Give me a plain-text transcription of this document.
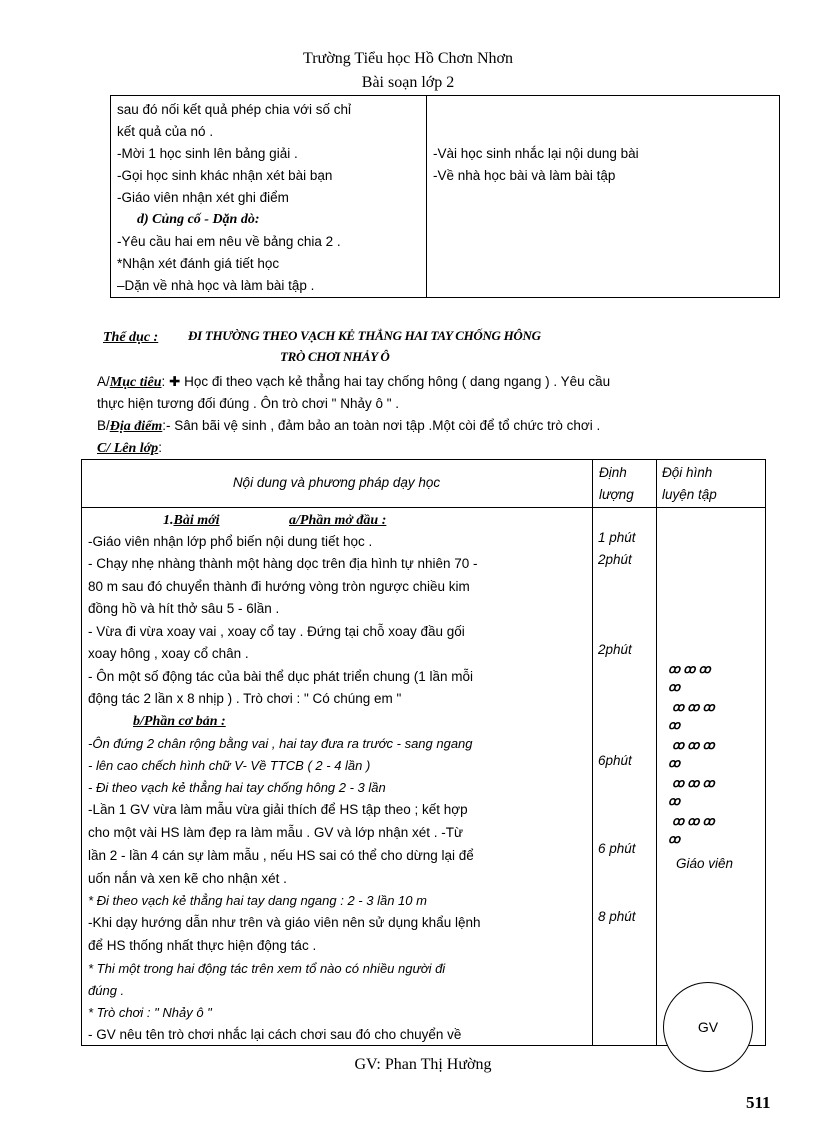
Trường Tiểu học Hồ Chơn Nhơn
Bài soạn lớp 2
sau đó nối kết quả phép chia với số chỉ
kết quả của nó .
-Mời 1 học sinh lên bảng giải .
-Gọi học sinh khác nhận xét bài bạn
-Giáo viên nhận xét ghi điểm
d) Củng cố - Dặn dò:
-Yêu cầu hai em nêu về bảng chia 2 .
*Nhận xét đánh giá tiết học
–Dặn về nhà học và làm bài tập .
-Vài học sinh nhắc lại nội dung bài
-Về nhà học bài và làm bài tập
Thể dục : ĐI THƯỜNG THEO VẠCH KẺ THẲNG HAI TAY CHỐNG HÔNG
TRÒ CHƠI NHẢY Ô
A/Mục tiêu: ✚ Học đi theo vạch kẻ thẳng hai tay chống hông ( dang ngang ) . Yêu cầu
thực hiện tương đối đúng . Ôn trò chơi " Nhảy ô " .
B/Địa điểm:- Sân bãi vệ sinh , đảm bảo an toàn nơi tập .Một còi để tổ chức trò chơi .
C/ Lên lớp:
Nội dung và phương pháp dạy học
Định
lượng
Đội hình
luyện tập
1.Bài mới	a/Phần mở đầu :
-Giáo viên nhận lớp phổ biến nội dung tiết học .
- Chạy nhẹ nhàng thành một hàng dọc trên địa hình tự nhiên 70 -
80 m sau đó chuyển thành đi hướng vòng tròn ngược chiều kim
đồng hồ và hít thở sâu 5 - 6lần .
- Vừa đi vừa xoay vai , xoay cổ tay . Đứng tại chỗ xoay đầu gối
xoay hông , xoay cổ chân .
- Ôn một số động tác của bài thể dục phát triển chung (1 lần mỗi
động tác 2 lần x 8 nhịp ) . Trò chơi : " Có chúng em "
b/Phần cơ bản :
-Ôn đứng 2 chân rộng bằng vai , hai tay đưa ra trước - sang ngang
- lên cao chếch hình chữ V- Về TTCB ( 2 - 4 lần )
- Đi theo vạch kẻ thẳng hai tay chống hông 2 - 3 lần
-Lần 1 GV vừa làm mẫu vừa giải thích để HS tập theo ; kết hợp
cho một vài HS làm đẹp ra làm mẫu . GV và lớp nhận xét . -Từ
lần 2 - lần 4 cán sự làm mẫu , nếu HS sai có thể cho dừng lại để
uốn nắn và xen kẽ cho nhận xét .
* Đi theo vạch kẻ thẳng hai tay dang ngang : 2 - 3 lần 10 m
-Khi dạy hướng dẫn như trên và giáo viên nên sử dụng khẩu lệnh
để HS thống nhất thực hiện động tác .
* Thi một trong hai động tác trên xem tổ nào có nhiều người đi
đúng .
* Trò chơi : " Nhảy ô "
- GV nêu tên trò chơi nhắc lại cách chơi sau đó cho chuyển về
1 phút
2phút
2phút
6phút
6 phút
8 phút
ꝏ ꝏ ꝏ
ꝏ
ꝏ ꝏ ꝏ
ꝏ
ꝏ ꝏ ꝏ
ꝏ
ꝏ ꝏ ꝏ
ꝏ
ꝏ ꝏ ꝏ
ꝏ
Giáo viên
GV
GV: Phan Thị Hường
511
